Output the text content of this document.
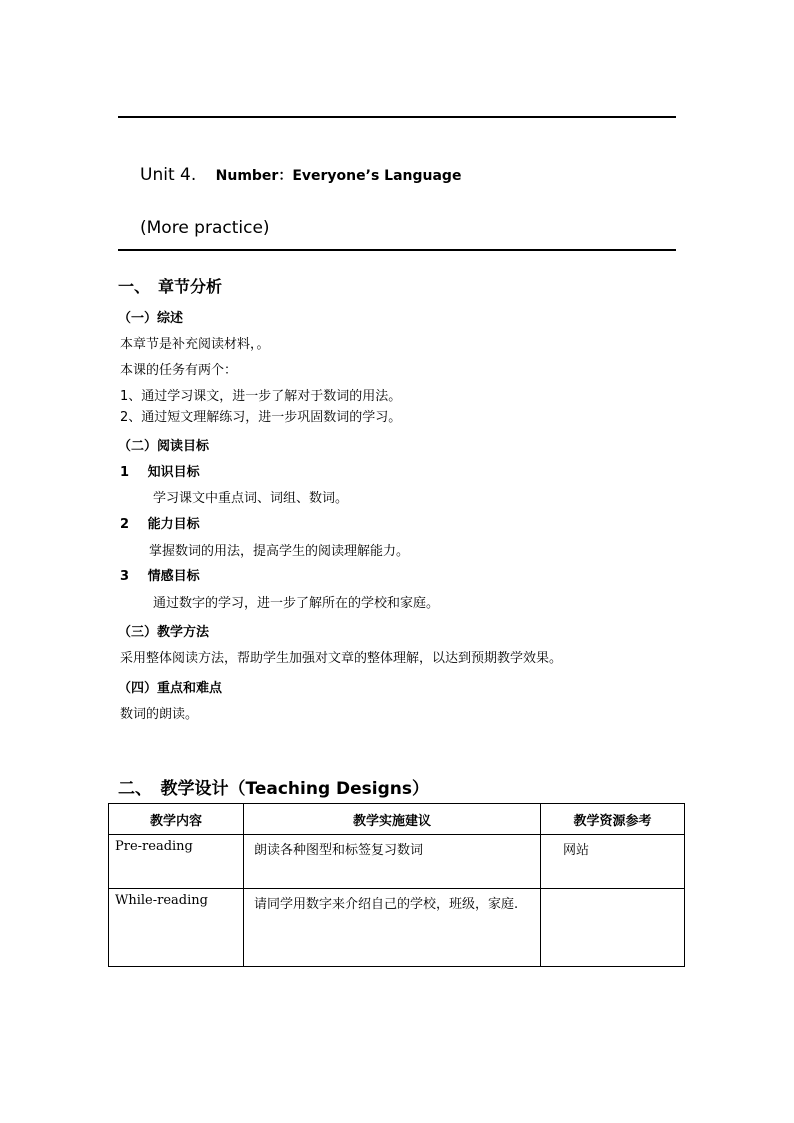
Unit 4. Number：Everyone’s Language
(More practice)
一、　章节分析
（一）综述
本章节是补充阅读材料，。
本课的任务有两个：
1、通过学习课文，进一步了解对于数词的用法。
2、通过短文理解练习，进一步巩固数词的学习。
（二）阅读目标
1 知识目标
学习课文中重点词、词组、数词。
2 能力目标
掌握数词的用法，提高学生的阅读理解能力。
3 情感目标
通过数字的学习，进一步了解所在的学校和家庭。
（三）教学方法
采用整体阅读方法，帮助学生加强对文章的整体理解，以达到预期教学效果。
（四）重点和难点
数词的朗读。
二、　教学设计（Teaching Designs）
教学内容	教学实施建议	教学资源参考

Pre-reading	朗读各种图型和标签复习数词	网站

While-reading	请同学用数字来介绍自己的学校，班级，家庭.	
